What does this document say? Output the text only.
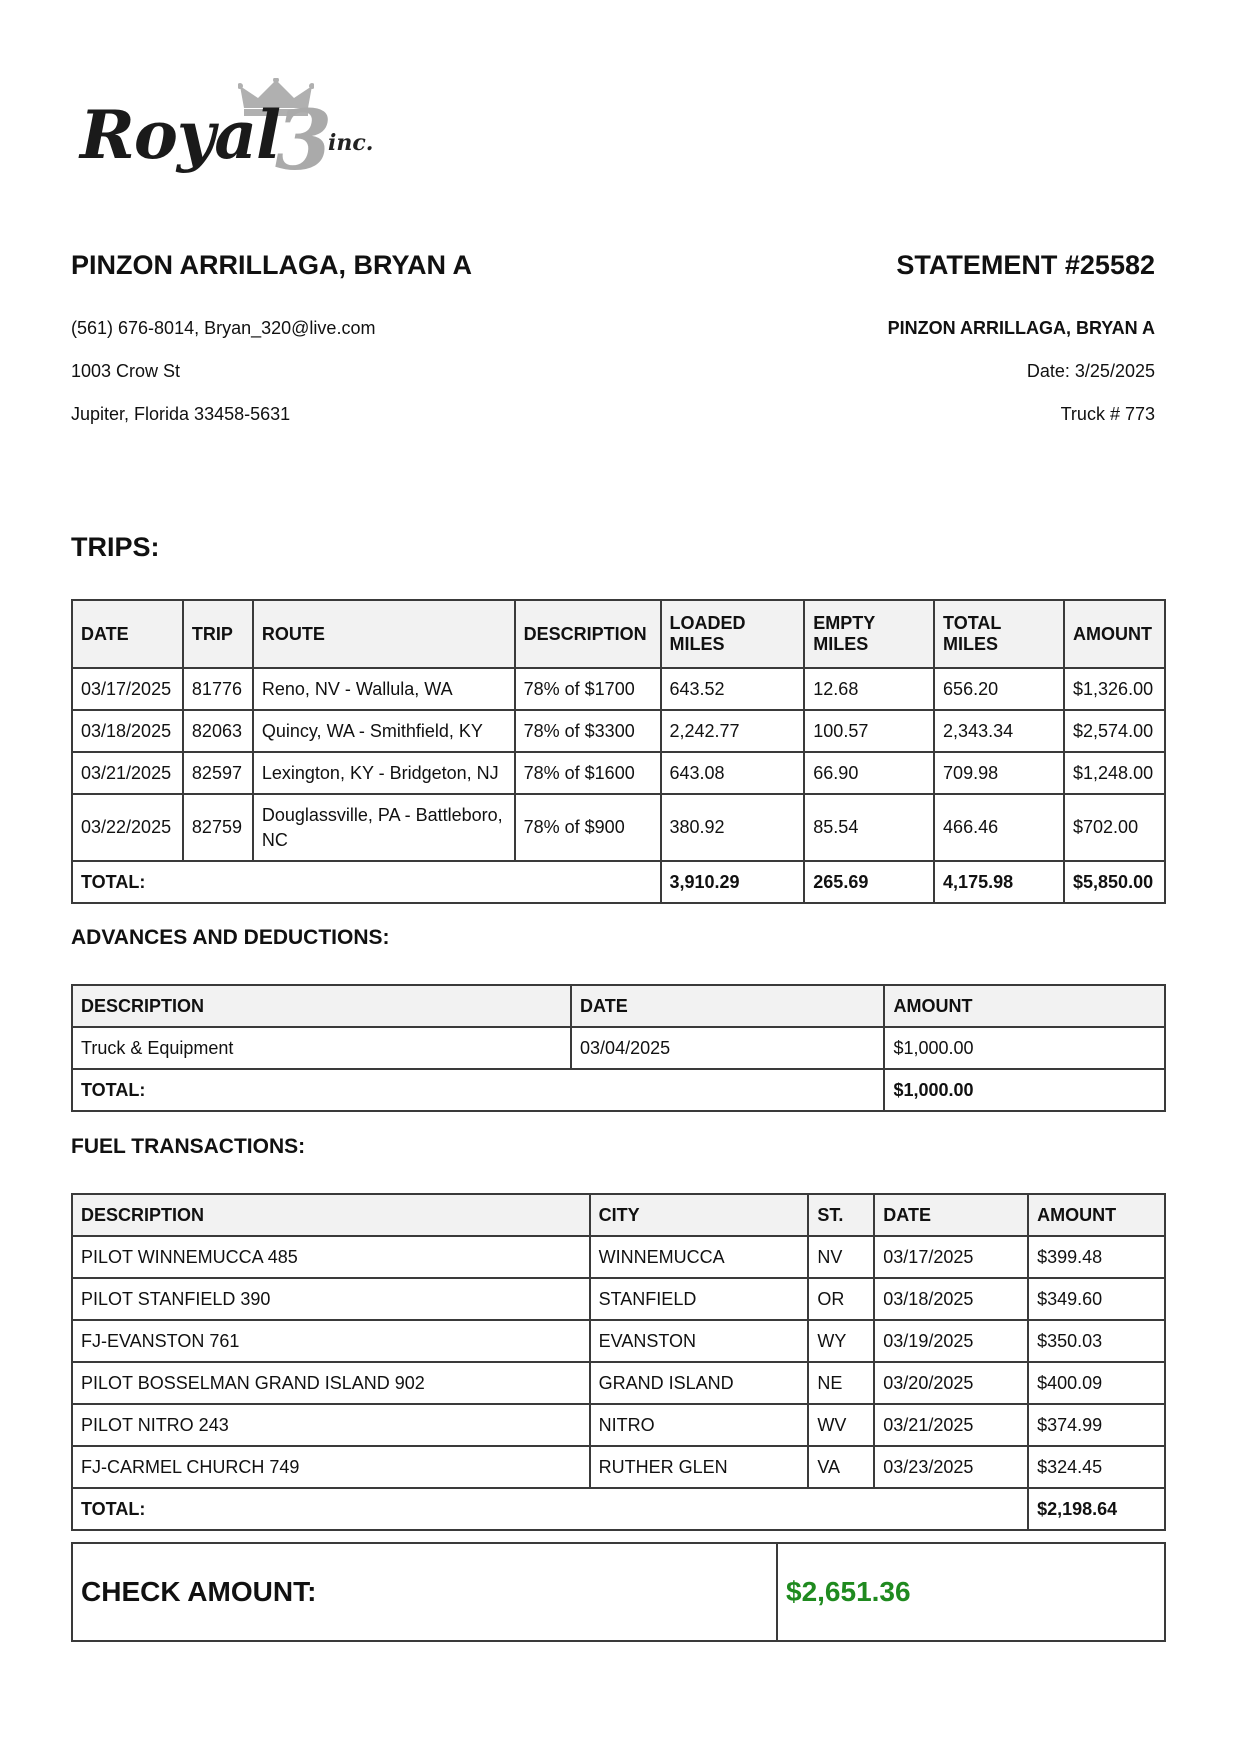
Royal
3
inc.
PINZON ARRILLAGA, BRYAN A
(561) 676-8014, Bryan_320@live.com
1003 Crow St
Jupiter, Florida 33458-5631
STATEMENT #25582
PINZON ARRILLAGA, BRYAN A
Date: 3/25/2025
Truck # 773
TRIPS:
DATE	TRIP	ROUTE	DESCRIPTION	LOADED MILES	EMPTY MILES	TOTAL MILES	AMOUNT
03/17/2025	81776	Reno, NV - Wallula, WA	78% of $1700	643.52	12.68	656.20	$1,326.00
03/18/2025	82063	Quincy, WA - Smithfield, KY	78% of $3300	2,242.77	100.57	2,343.34	$2,574.00
03/21/2025	82597	Lexington, KY - Bridgeton, NJ	78% of $1600	643.08	66.90	709.98	$1,248.00
03/22/2025	82759	Douglassville, PA - Battleboro, NC	78% of $900	380.92	85.54	466.46	$702.00
TOTAL:				3,910.29	265.69	4,175.98	$5,850.00
ADVANCES AND DEDUCTIONS:
DESCRIPTION	DATE	AMOUNT
Truck & Equipment	03/04/2025	$1,000.00
TOTAL:		$1,000.00
FUEL TRANSACTIONS:
DESCRIPTION	CITY	ST.	DATE	AMOUNT
PILOT WINNEMUCCA 485	WINNEMUCCA	NV	03/17/2025	$399.48
PILOT STANFIELD 390	STANFIELD	OR	03/18/2025	$349.60
FJ-EVANSTON 761	EVANSTON	WY	03/19/2025	$350.03
PILOT BOSSELMAN GRAND ISLAND 902	GRAND ISLAND	NE	03/20/2025	$400.09
PILOT NITRO 243	NITRO	WV	03/21/2025	$374.99
FJ-CARMEL CHURCH 749	RUTHER GLEN	VA	03/23/2025	$324.45
TOTAL:				$2,198.64
CHECK AMOUNT:	$2,651.36
